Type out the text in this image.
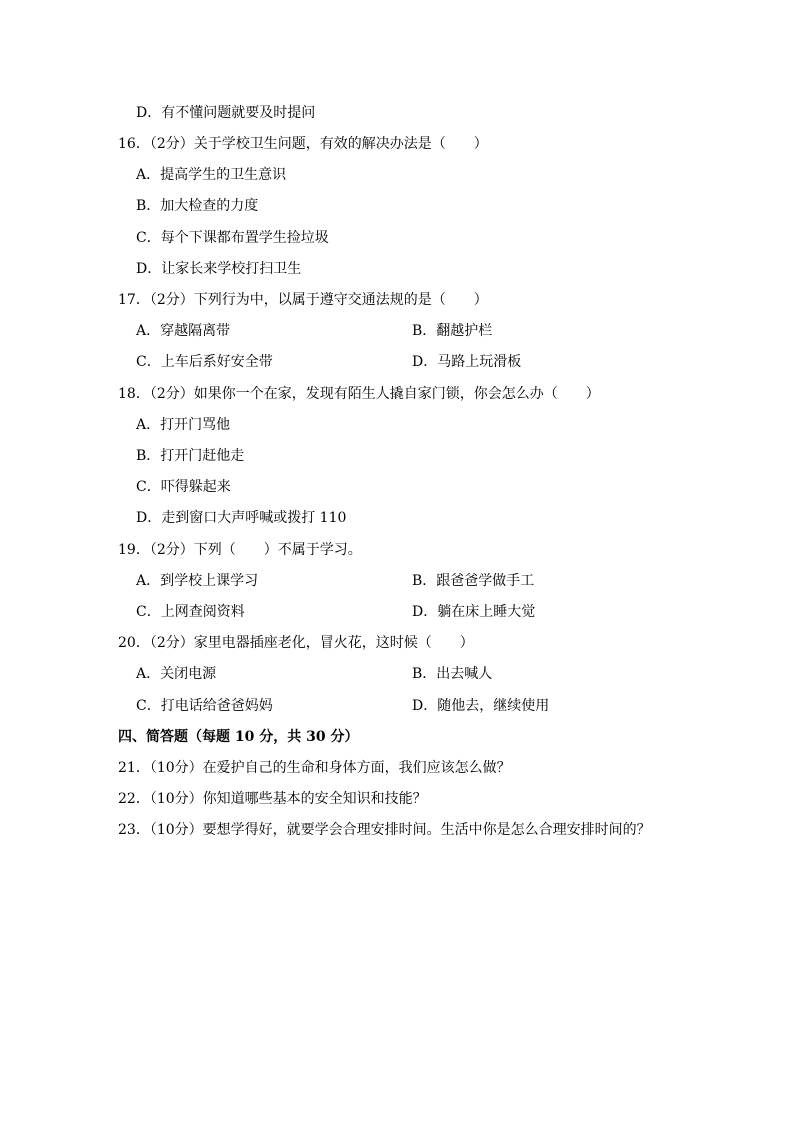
D．有不懂问题就要及时提问
16．（2分）关于学校卫生问题，有效的解决办法是（　　）
A．提高学生的卫生意识
B．加大检查的力度
C．每个下课都布置学生捡垃圾
D．让家长来学校打扫卫生
17．（2分）下列行为中，以属于遵守交通法规的是（　　）
A．穿越隔离带	B．翻越护栏
C．上车后系好安全带	D．马路上玩滑板
18．（2分）如果你一个在家，发现有陌生人撬自家门锁，你会怎么办（　　）
A．打开门骂他
B．打开门赶他走
C．吓得躲起来
D．走到窗口大声呼喊或拨打 110
19．（2分）下列（　　）不属于学习。
A．到学校上课学习	B．跟爸爸学做手工
C．上网查阅资料	D．躺在床上睡大觉
20．（2分）家里电器插座老化，冒火花，这时候（　　）
A．关闭电源	B．出去喊人
C．打电话给爸爸妈妈	D．随他去，继续使用
四、简答题（每题 10 分，共 30 分）
21．（10分）在爱护自己的生命和身体方面，我们应该怎么做？
22．（10分）你知道哪些基本的安全知识和技能？
23．（10分）要想学得好，就要学会合理安排时间。生活中你是怎么合理安排时间的？
